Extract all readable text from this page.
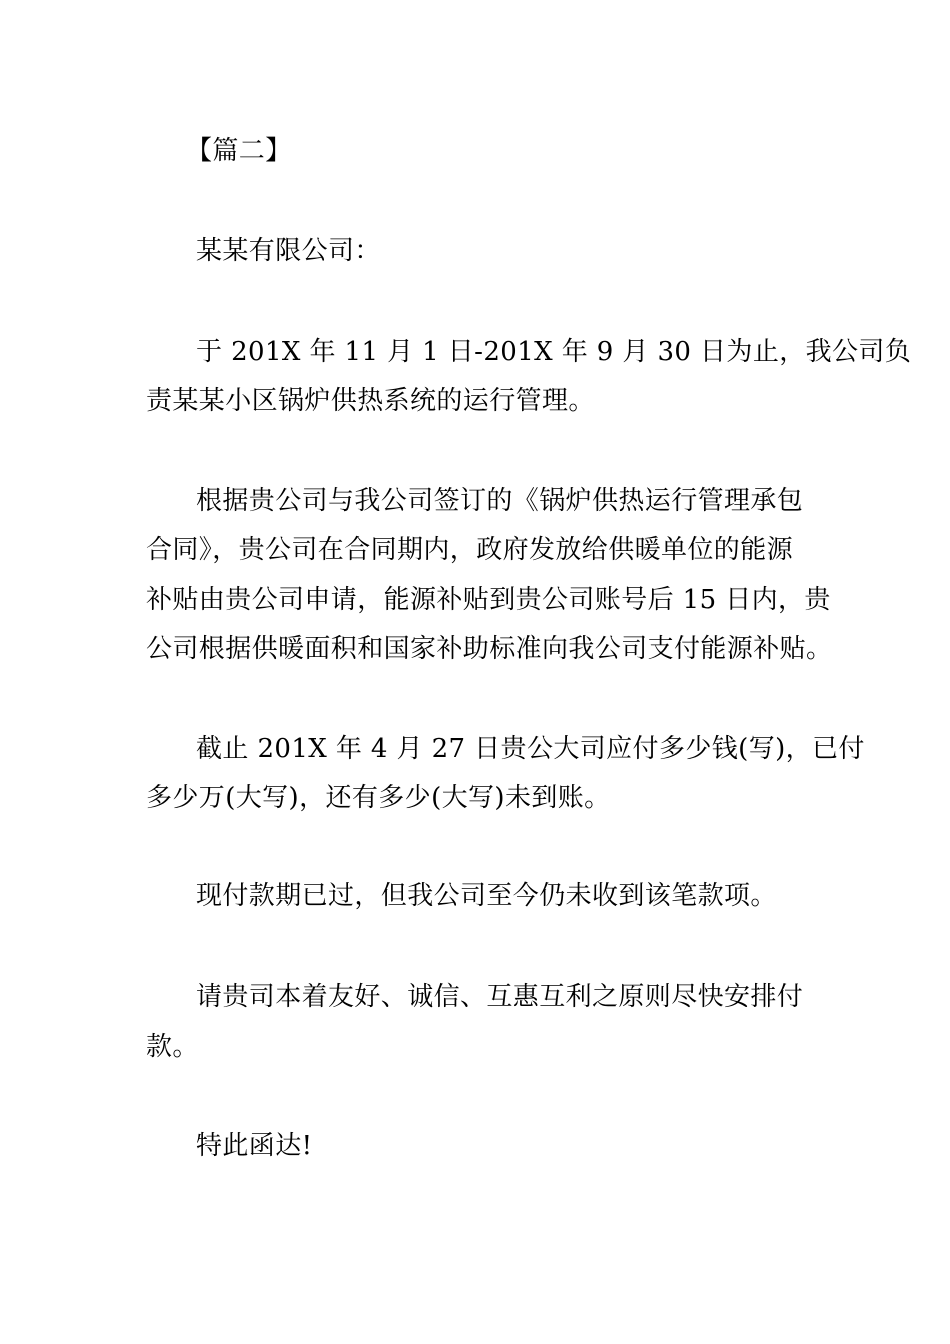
【篇二】
某某有限公司：
于 201X 年 11 月 1 日-201X 年 9 月 30 日为止，我公司负
责某某小区锅炉供热系统的运行管理。
根据贵公司与我公司签订的《锅炉供热运行管理承包
合同》，贵公司在合同期内，政府发放给供暖单位的能源
补贴由贵公司申请，能源补贴到贵公司账号后 15 日内，贵
公司根据供暖面积和国家补助标准向我公司支付能源补贴。
截止 201X 年 4 月 27 日贵公大司应付多少钱(写)，已付
多少万(大写)，还有多少(大写)未到账。
现付款期已过，但我公司至今仍未收到该笔款项。
请贵司本着友好、诚信、互惠互利之原则尽快安排付
款。
特此函达!
